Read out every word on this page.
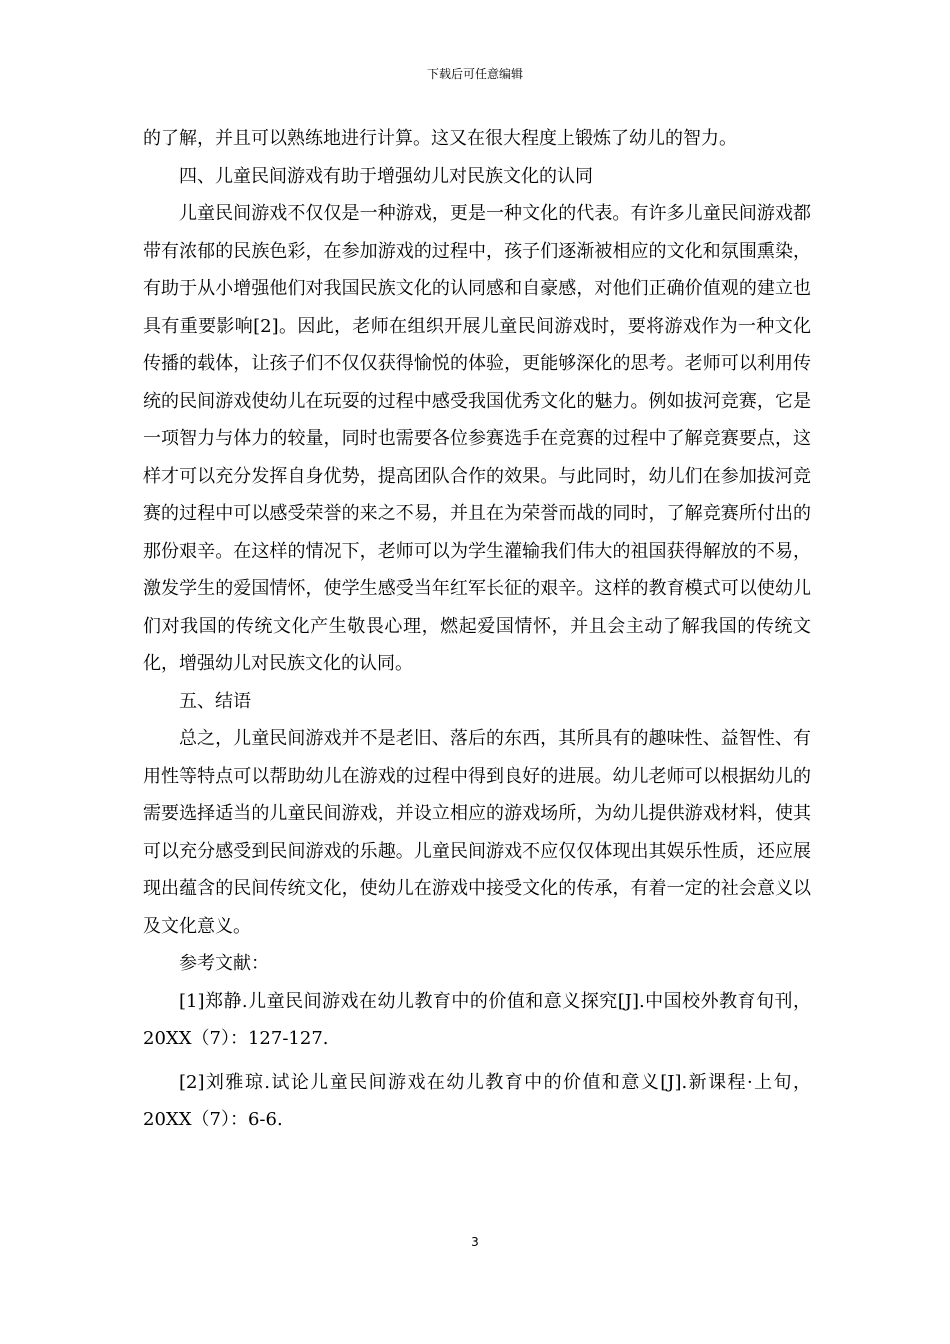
下载后可任意编辑

的了解，并且可以熟练地进行计算。这又在很大程度上锻炼了幼儿的智力。

四、儿童民间游戏有助于增强幼儿对民族文化的认同

儿童民间游戏不仅仅是一种游戏，更是一种文化的代表。有许多儿童民间游戏都带有浓郁的民族色彩，在参加游戏的过程中，孩子们逐渐被相应的文化和氛围熏染，有助于从小增强他们对我国民族文化的认同感和自豪感，对他们正确价值观的建立也具有重要影响[2]。因此，老师在组织开展儿童民间游戏时，要将游戏作为一种文化传播的载体，让孩子们不仅仅获得愉悦的体验，更能够深化的思考。老师可以利用传统的民间游戏使幼儿在玩耍的过程中感受我国优秀文化的魅力。例如拔河竞赛，它是一项智力与体力的较量，同时也需要各位参赛选手在竞赛的过程中了解竞赛要点，这样才可以充分发挥自身优势，提高团队合作的效果。与此同时，幼儿们在参加拔河竞赛的过程中可以感受荣誉的来之不易，并且在为荣誉而战的同时，了解竞赛所付出的那份艰辛。在这样的情况下，老师可以为学生灌输我们伟大的祖国获得解放的不易，激发学生的爱国情怀，使学生感受当年红军长征的艰辛。这样的教育模式可以使幼儿们对我国的传统文化产生敬畏心理，燃起爱国情怀，并且会主动了解我国的传统文化，增强幼儿对民族文化的认同。

五、结语

总之，儿童民间游戏并不是老旧、落后的东西，其所具有的趣味性、益智性、有用性等特点可以帮助幼儿在游戏的过程中得到良好的进展。幼儿老师可以根据幼儿的需要选择适当的儿童民间游戏，并设立相应的游戏场所，为幼儿提供游戏材料，使其可以充分感受到民间游戏的乐趣。儿童民间游戏不应仅仅体现出其娱乐性质，还应展现出蕴含的民间传统文化，使幼儿在游戏中接受文化的传承，有着一定的社会意义以及文化意义。

参考文献：

[1]郑静.儿童民间游戏在幼儿教育中的价值和意义探究[J].中国校外教育旬刊，20XX（7）：127-127.

[2]刘雅琼.试论儿童民间游戏在幼儿教育中的价值和意义[J].新课程·上旬，20XX（7）：6-6.

3
